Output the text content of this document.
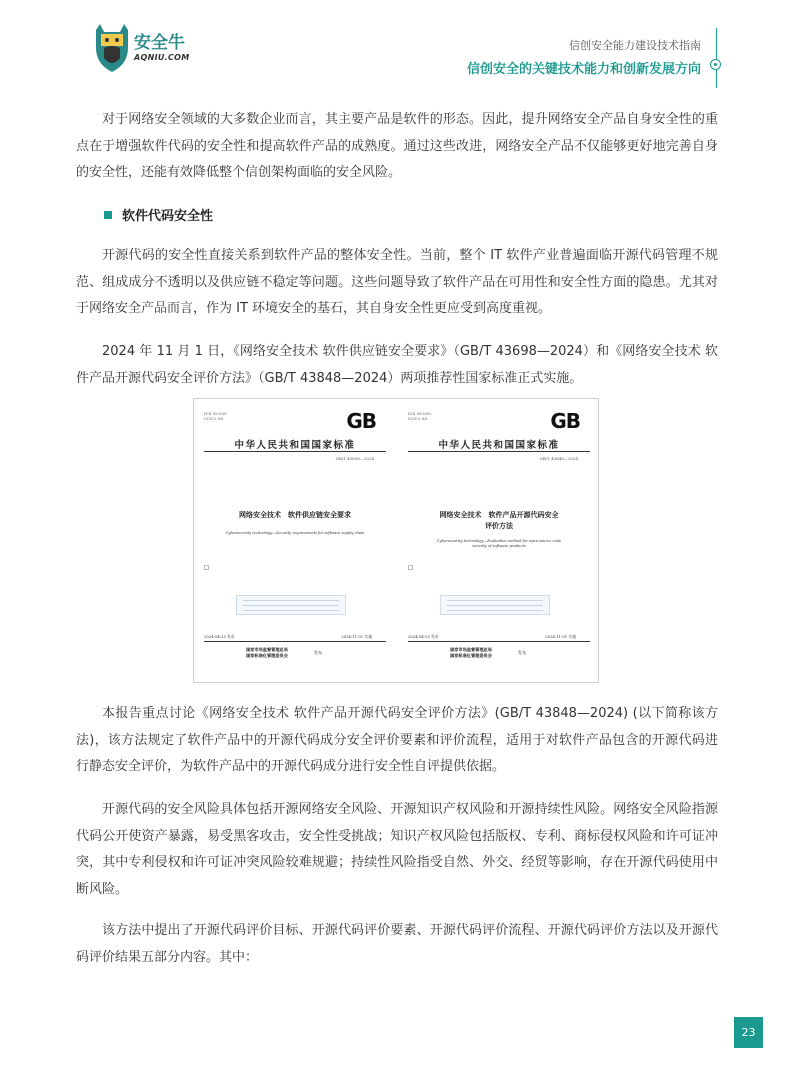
安全牛
AQNIU.COM
信创安全能力建设技术指南
信创安全的关键技术能力和创新发展方向

对于网络安全领域的大多数企业而言，其主要产品是软件的形态。因此，提升网络安全产品自身安全性的重点在于增强软件代码的安全性和提高软件产品的成熟度。通过这些改进，网络安全产品不仅能够更好地完善自身的安全性，还能有效降低整个信创架构面临的安全风险。

软件代码安全性

开源代码的安全性直接关系到软件产品的整体安全性。当前，整个 IT 软件产业普遍面临开源代码管理不规范、组成成分不透明以及供应链不稳定等问题。这些问题导致了软件产品在可用性和安全性方面的隐患。尤其对于网络安全产品而言，作为 IT 环境安全的基石，其自身安全性更应受到高度重视。

2024 年 11 月 1 日，《网络安全技术 软件供应链安全要求》（GB/T 43698—2024）和《网络安全技术 软件产品开源代码安全评价方法》（GB/T 43848—2024）两项推荐性国家标准正式实施。

ICS 35.030
CCS L 80	GB
中华人民共和国国家标准
GB/T 43698—2024
网络安全技术　软件供应链安全要求
Cybersecurity technology—Security requirements for software supply chain
2024-04-25 发布	2024-11-01 实施
国家市场监督管理总局
国家标准化管理委员会
发布
ICS 35.030
CCS L 80	GB
中华人民共和国国家标准
GB/T 43848—2024
网络安全技术　软件产品开源代码安全
评价方法
Cybersecurity technology—Evaluation method for open source code
security of software products
2024-04-25 发布	2024-11-01 实施
国家市场监督管理总局
国家标准化管理委员会
发布

本报告重点讨论《网络安全技术 软件产品开源代码安全评价方法》(GB/T 43848—2024) (以下简称该方法)，该方法规定了软件产品中的开源代码成分安全评价要素和评价流程，适用于对软件产品包含的开源代码进行静态安全评价，为软件产品中的开源代码成分进行安全性自评提供依据。

开源代码的安全风险具体包括开源网络安全风险、开源知识产权风险和开源持续性风险。网络安全风险指源代码公开使资产暴露，易受黑客攻击，安全性受挑战；知识产权风险包括版权、专利、商标侵权风险和许可证冲突，其中专利侵权和许可证冲突风险较难规避；持续性风险指受自然、外交、经贸等影响，存在开源代码使用中断风险。

该方法中提出了开源代码评价目标、开源代码评价要素、开源代码评价流程、开源代码评价方法以及开源代码评价结果五部分内容。其中：

23
